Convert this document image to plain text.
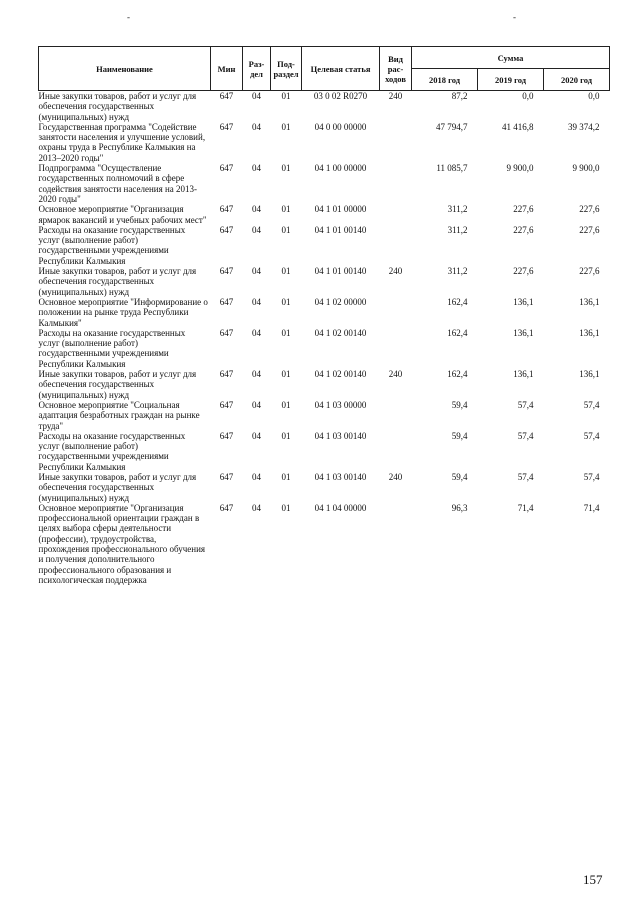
‑	‑
Наименование	Мин	Раз-дел	Под-раздел	Целевая статья	Вид рас-ходов	Сумма		
						2018 год	2019 год	2020 год
Иные закупки товаров, работ и услуг для обеспечения государственных (муниципальных) нужд	647	04	01	03 0 02 R0270	240	87,2	0,0	0,0
Государственная программа "Содействие занятости населения и улучшение условий, охраны труда в Республике Калмыкия на 2013–2020 годы"	647	04	01	04 0 00 00000		47 794,7	41 416,8	39 374,2
Подпрограмма "Осуществление государственных полномочий в сфере содействия занятости населения на 2013-2020 годы"	647	04	01	04 1 00 00000		11 085,7	9 900,0	9 900,0
Основное мероприятие "Организация ярмарок вакансий и учебных рабочих мест"	647	04	01	04 1 01 00000		311,2	227,6	227,6
Расходы на оказание государственных услуг (выполнение работ) государственными учреждениями Республики Калмыкия	647	04	01	04 1 01 00140		311,2	227,6	227,6
Иные закупки товаров, работ и услуг для обеспечения государственных (муниципальных) нужд	647	04	01	04 1 01 00140	240	311,2	227,6	227,6
Основное мероприятие "Информирование о положении на рынке труда Республики Калмыкия"	647	04	01	04 1 02 00000		162,4	136,1	136,1
Расходы на оказание государственных услуг (выполнение работ) государственными учреждениями Республики Калмыкия	647	04	01	04 1 02 00140		162,4	136,1	136,1
Иные закупки товаров, работ и услуг для обеспечения государственных (муниципальных) нужд	647	04	01	04 1 02 00140	240	162,4	136,1	136,1
Основное мероприятие "Социальная адаптация безработных граждан на рынке труда"	647	04	01	04 1 03 00000		59,4	57,4	57,4
Расходы на оказание государственных услуг (выполнение работ) государственными учреждениями Республики Калмыкия	647	04	01	04 1 03 00140		59,4	57,4	57,4
Иные закупки товаров, работ и услуг для обеспечения государственных (муниципальных) нужд	647	04	01	04 1 03 00140	240	59,4	57,4	57,4
Основное мероприятие "Организация профессиональной ориентации граждан в целях выбора сферы деятельности (профессии), трудоустройства, прохождения профессионального обучения и получения дополнительного профессионального образования и психологическая поддержка	647	04	01	04 1 04 00000		96,3	71,4	71,4
157
